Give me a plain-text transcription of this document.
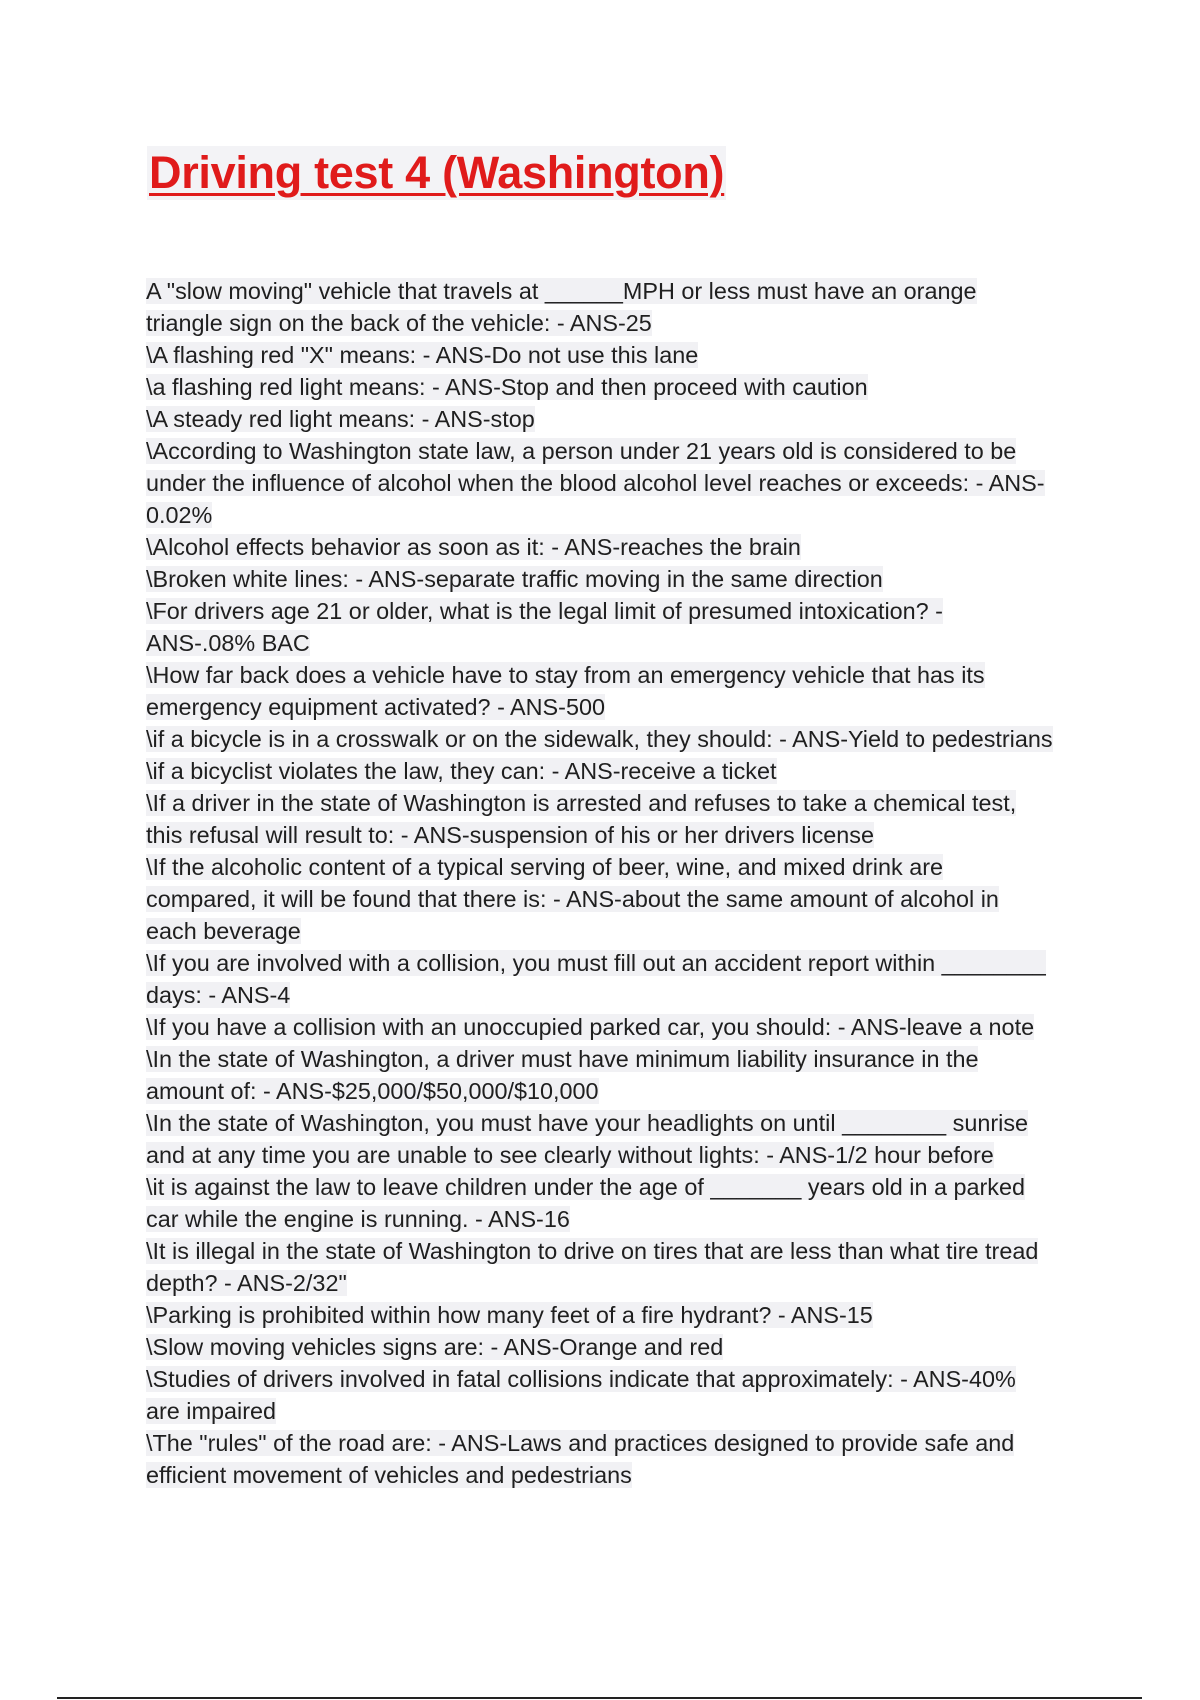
Driving test 4 (Washington)
A "slow moving" vehicle that travels at ______MPH or less must have an orange triangle sign on the back of the vehicle: - ANS-25
\A flashing red "X" means: - ANS-Do not use this lane
\a flashing red light means: - ANS-Stop and then proceed with caution
\A steady red light means: - ANS-stop
\According to Washington state law, a person under 21 years old is considered to be under the influence of alcohol when the blood alcohol level reaches or exceeds: - ANS-0.02%
\Alcohol effects behavior as soon as it: - ANS-reaches the brain
\Broken white lines: - ANS-separate traffic moving in the same direction
\For drivers age 21 or older, what is the legal limit of presumed intoxication? - ANS-.08% BAC
\How far back does a vehicle have to stay from an emergency vehicle that has its emergency equipment activated? - ANS-500
\if a bicycle is in a crosswalk or on the sidewalk, they should: - ANS-Yield to pedestrians
\if a bicyclist violates the law, they can: - ANS-receive a ticket
\If a driver in the state of Washington is arrested and refuses to take a chemical test, this refusal will result to: - ANS-suspension of his or her drivers license
\If the alcoholic content of a typical serving of beer, wine, and mixed drink are compared, it will be found that there is: - ANS-about the same amount of alcohol in each beverage
\If you are involved with a collision, you must fill out an accident report within ________ days: - ANS-4
\If you have a collision with an unoccupied parked car, you should: - ANS-leave a note
\In the state of Washington, a driver must have minimum liability insurance in the amount of: - ANS-$25,000/$50,000/$10,000
\In the state of Washington, you must have your headlights on until ________ sunrise and at any time you are unable to see clearly without lights: - ANS-1/2 hour before
\it is against the law to leave children under the age of _______ years old in a parked car while the engine is running. - ANS-16
\It is illegal in the state of Washington to drive on tires that are less than what tire tread depth? - ANS-2/32"
\Parking is prohibited within how many feet of a fire hydrant? - ANS-15
\Slow moving vehicles signs are: - ANS-Orange and red
\Studies of drivers involved in fatal collisions indicate that approximately: - ANS-40% are impaired
\The "rules" of the road are: - ANS-Laws and practices designed to provide safe and efficient movement of vehicles and pedestrians
